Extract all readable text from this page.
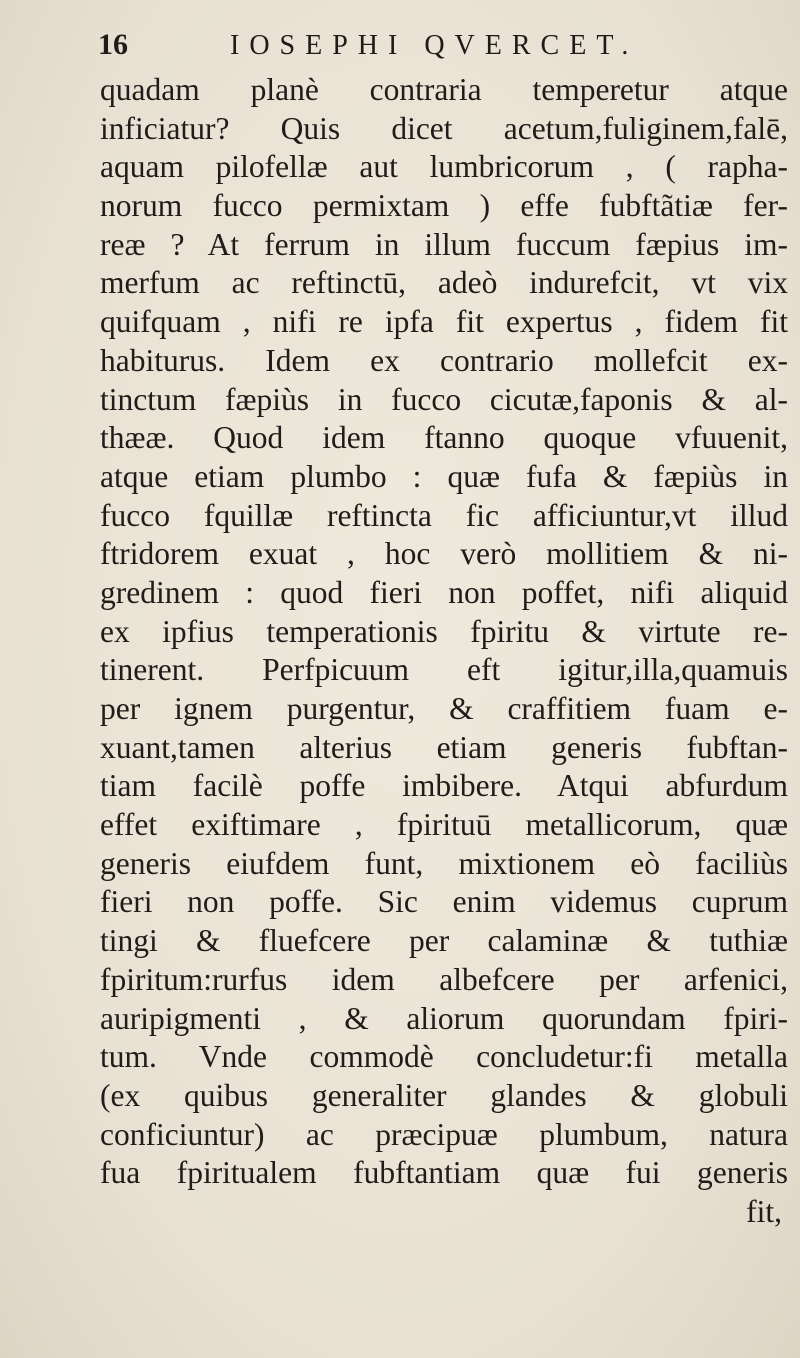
16	IOSEPHI QVERCET.
quadam planè contraria temperetur atque
inficiatur? Quis dicet acetum,fuliginem,falē,
aquam pilofellæ aut lumbricorum , ( rapha-
norum fucco permixtam ) effe fubftãtiæ fer-
reæ ? At ferrum in illum fuccum fæpius im-
merfum ac reftinctū, adeò indurefcit, vt vix
quifquam , nifi re ipfa fit expertus , fidem fit
habiturus. Idem ex contrario mollefcit ex-
tinctum fæpiùs in fucco cicutæ,faponis & al-
thææ. Quod idem ftanno quoque vfuuenit,
atque etiam plumbo : quæ fufa & fæpiùs in
fucco fquillæ reftincta fic afficiuntur,vt illud
ftridorem exuat , hoc verò mollitiem & ni-
gredinem : quod fieri non poffet, nifi aliquid
ex ipfius temperationis fpiritu & virtute re-
tinerent. Perfpicuum eft igitur,illa,quamuis
per ignem purgentur, & craffitiem fuam e-
xuant,tamen alterius etiam generis fubftan-
tiam facilè poffe imbibere. Atqui abfurdum
effet exiftimare , fpirituū metallicorum, quæ
generis eiufdem funt, mixtionem eò faciliùs
fieri non poffe. Sic enim videmus cuprum
tingi & fluefcere per calaminæ & tuthiæ
fpiritum:rurfus idem albefcere per arfenici,
auripigmenti , & aliorum quorundam fpiri-
tum. Vnde commodè concludetur:fi metalla
(ex quibus generaliter glandes & globuli
conficiuntur) ac præcipuæ plumbum, natura
fua fpiritualem fubftantiam quæ fui generis
fit,
